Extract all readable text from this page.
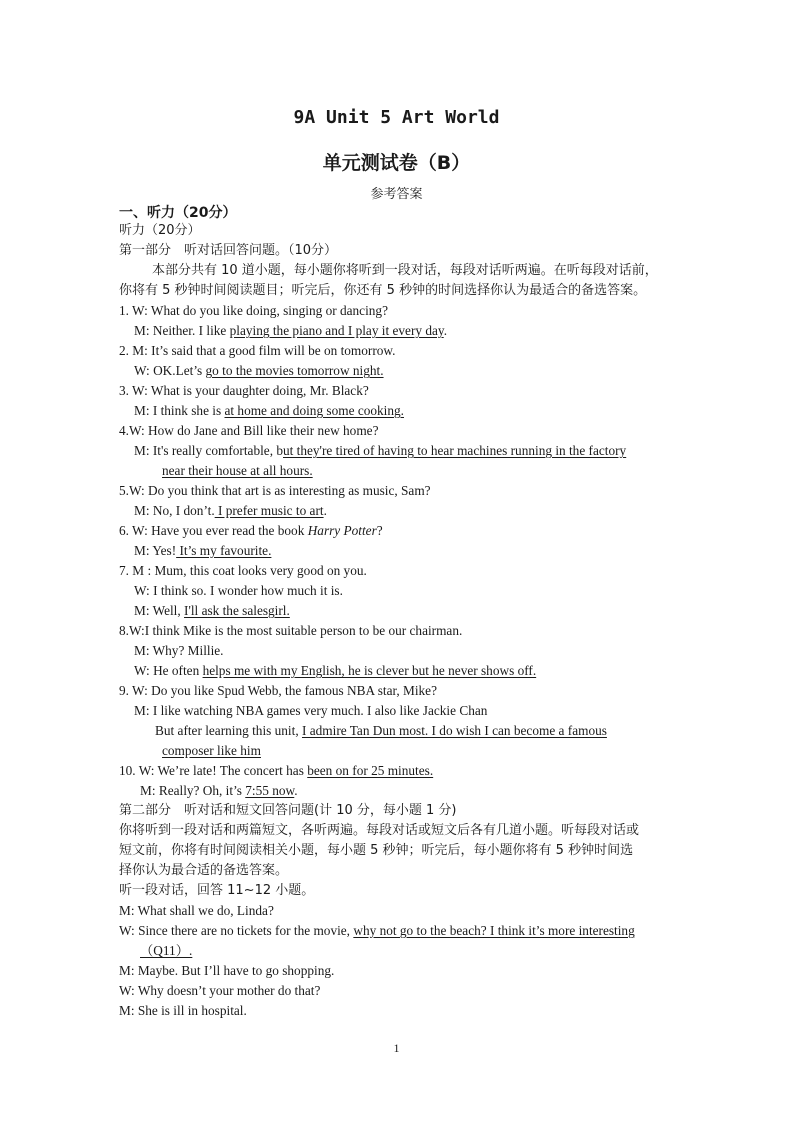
9A Unit 5 Art World
单元测试卷（B）
参考答案
一、听力（20分）
听力（20分）
第一部分　听对话回答问题。（10分）
本部分共有 10 道小题，每小题你将听到一段对话，每段对话听两遍。在听每段对话前，
你将有 5 秒钟时间阅读题目；听完后，你还有 5 秒钟的时间选择你认为最适合的备选答案。
1. W: What do you like doing, singing or dancing?
M: Neither. I like playing the piano and I play it every day.
2. M: It’s said that a good film will be on tomorrow.
W: OK.Let’s go to the movies tomorrow night.
3. W: What is your daughter doing, Mr. Black?
M: I think she is at home and doing some cooking.
4.W: How do Jane and Bill like their new home?
M: It's really comfortable, but they're tired of having to hear machines running in the factory
near their house at all hours.
5.W: Do you think that art is as interesting as music, Sam?
M: No, I don’t. I prefer music to art.
6. W: Have you ever read the book Harry Potter?
M: Yes! It’s my favourite.
7. M : Mum, this coat looks very good on you.
W: I think so. I wonder how much it is.
M: Well, I'll ask the salesgirl.
8.W:I think Mike is the most suitable person to be our chairman.
M: Why? Millie.
W: He often helps me with my English, he is clever but he never shows off.
9. W: Do you like Spud Webb, the famous NBA star, Mike?
M: I like watching NBA games very much. I also like Jackie Chan
But after learning this unit, I admire Tan Dun most. I do wish I can become a famous
composer like him
10. W: We’re late! The concert has been on for 25 minutes.
M: Really? Oh, it’s 7:55 now.
第二部分　听对话和短文回答问题(计 10 分，每小题 1 分)
你将听到一段对话和两篇短文，各听两遍。每段对话或短文后各有几道小题。听每段对话或
短文前，你将有时间阅读相关小题，每小题 5 秒钟；听完后，每小题你将有 5 秒钟时间选
择你认为最合适的备选答案。
听一段对话，回答 11~12 小题。
M: What shall we do, Linda?
W: Since there are no tickets for the movie, why not go to the beach? I think it’s more interesting
（Q11）.
M: Maybe. But I’ll have to go shopping.
W: Why doesn’t your mother do that?
M: She is ill in hospital.
1
